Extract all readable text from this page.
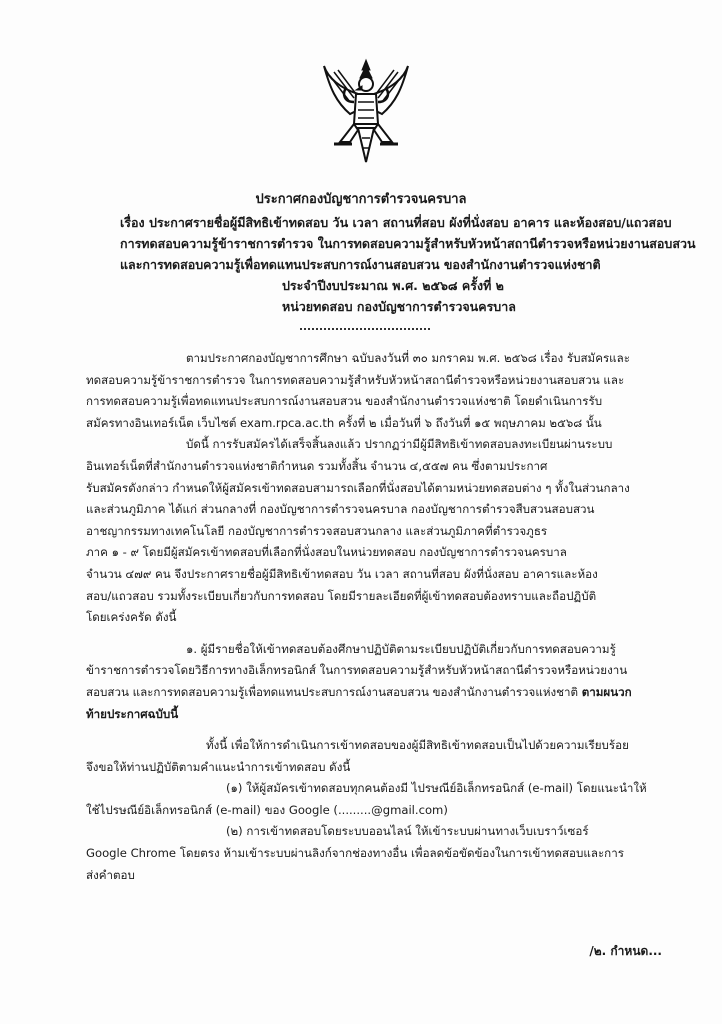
ประกาศกองบัญชาการตำรวจนครบาล
เรื่อง ประกาศรายชื่อผู้มีสิทธิเข้าทดสอบ วัน เวลา สถานที่สอบ ผังที่นั่งสอบ อาคาร และห้องสอบ/แถวสอบ
การทดสอบความรู้ข้าราชการตำรวจ ในการทดสอบความรู้สำหรับหัวหน้าสถานีตำรวจหรือหน่วยงานสอบสวน
และการทดสอบความรู้เพื่อทดแทนประสบการณ์งานสอบสวน ของสำนักงานตำรวจแห่งชาติ
ประจำปีงบประมาณ พ.ศ. ๒๕๖๘ ครั้งที่ ๒
หน่วยทดสอบ กองบัญชาการตำรวจนครบาล

ตามประกาศกองบัญชาการศึกษา ฉบับลงวันที่ ๓๐ มกราคม พ.ศ. ๒๕๖๘ เรื่อง รับสมัครและ
ทดสอบความรู้ข้าราชการตำรวจ ในการทดสอบความรู้สำหรับหัวหน้าสถานีตำรวจหรือหน่วยงานสอบสวน และ
การทดสอบความรู้เพื่อทดแทนประสบการณ์งานสอบสวน ของสำนักงานตำรวจแห่งชาติ โดยดำเนินการรับ
สมัครทางอินเทอร์เน็ต เว็บไซต์ exam.rpca.ac.th ครั้งที่ ๒ เมื่อวันที่ ๖ ถึงวันที่ ๑๕ พฤษภาคม ๒๕๖๘ นั้น

บัดนี้ การรับสมัครได้เสร็จสิ้นลงแล้ว ปรากฏว่ามีผู้มีสิทธิเข้าทดสอบลงทะเบียนผ่านระบบ
อินเทอร์เน็ตที่สำนักงานตำรวจแห่งชาติกำหนด รวมทั้งสิ้น จำนวน ๔,๕๕๗ คน ซึ่งตามประกาศ
รับสมัครดังกล่าว กำหนดให้ผู้สมัครเข้าทดสอบสามารถเลือกที่นั่งสอบได้ตามหน่วยทดสอบต่าง ๆ ทั้งในส่วนกลาง
และส่วนภูมิภาค ได้แก่ ส่วนกลางที่ กองบัญชาการตำรวจนครบาล กองบัญชาการตำรวจสืบสวนสอบสวน
อาชญากรรมทางเทคโนโลยี กองบัญชาการตำรวจสอบสวนกลาง และส่วนภูมิภาคที่ตำรวจภูธร
ภาค ๑ - ๙ โดยมีผู้สมัครเข้าทดสอบที่เลือกที่นั่งสอบในหน่วยทดสอบ กองบัญชาการตำรวจนครบาล
จำนวน ๔๗๙ คน จึงประกาศรายชื่อผู้มีสิทธิเข้าทดสอบ วัน เวลา สถานที่สอบ ผังที่นั่งสอบ อาคารและห้อง
สอบ/แถวสอบ รวมทั้งระเบียบเกี่ยวกับการทดสอบ โดยมีรายละเอียดที่ผู้เข้าทดสอบต้องทราบและถือปฏิบัติ
โดยเคร่งครัด ดังนี้

๑. ผู้มีรายชื่อให้เข้าทดสอบต้องศึกษาปฏิบัติตามระเบียบปฏิบัติเกี่ยวกับการทดสอบความรู้
ข้าราชการตำรวจโดยวิธีการทางอิเล็กทรอนิกส์ ในการทดสอบความรู้สำหรับหัวหน้าสถานีตำรวจหรือหน่วยงาน
สอบสวน และการทดสอบความรู้เพื่อทดแทนประสบการณ์งานสอบสวน ของสำนักงานตำรวจแห่งชาติ ตามผนวก
ท้ายประกาศฉบับนี้

ทั้งนี้ เพื่อให้การดำเนินการเข้าทดสอบของผู้มีสิทธิเข้าทดสอบเป็นไปด้วยความเรียบร้อย
จึงขอให้ท่านปฏิบัติตามคำแนะนำการเข้าทดสอบ ดังนี้

(๑) ให้ผู้สมัครเข้าทดสอบทุกคนต้องมี ไปรษณีย์อิเล็กทรอนิกส์ (e-mail) โดยแนะนำให้
ใช้ไปรษณีย์อิเล็กทรอนิกส์ (e-mail) ของ Google (.........@gmail.com)

(๒) การเข้าทดสอบโดยระบบออนไลน์ ให้เข้าระบบผ่านทางเว็บเบราว์เซอร์
Google Chrome โดยตรง ห้ามเข้าระบบผ่านลิงก์จากช่องทางอื่น เพื่อลดข้อขัดข้องในการเข้าทดสอบและการ
ส่งคำตอบ

/๒. กำหนด...
